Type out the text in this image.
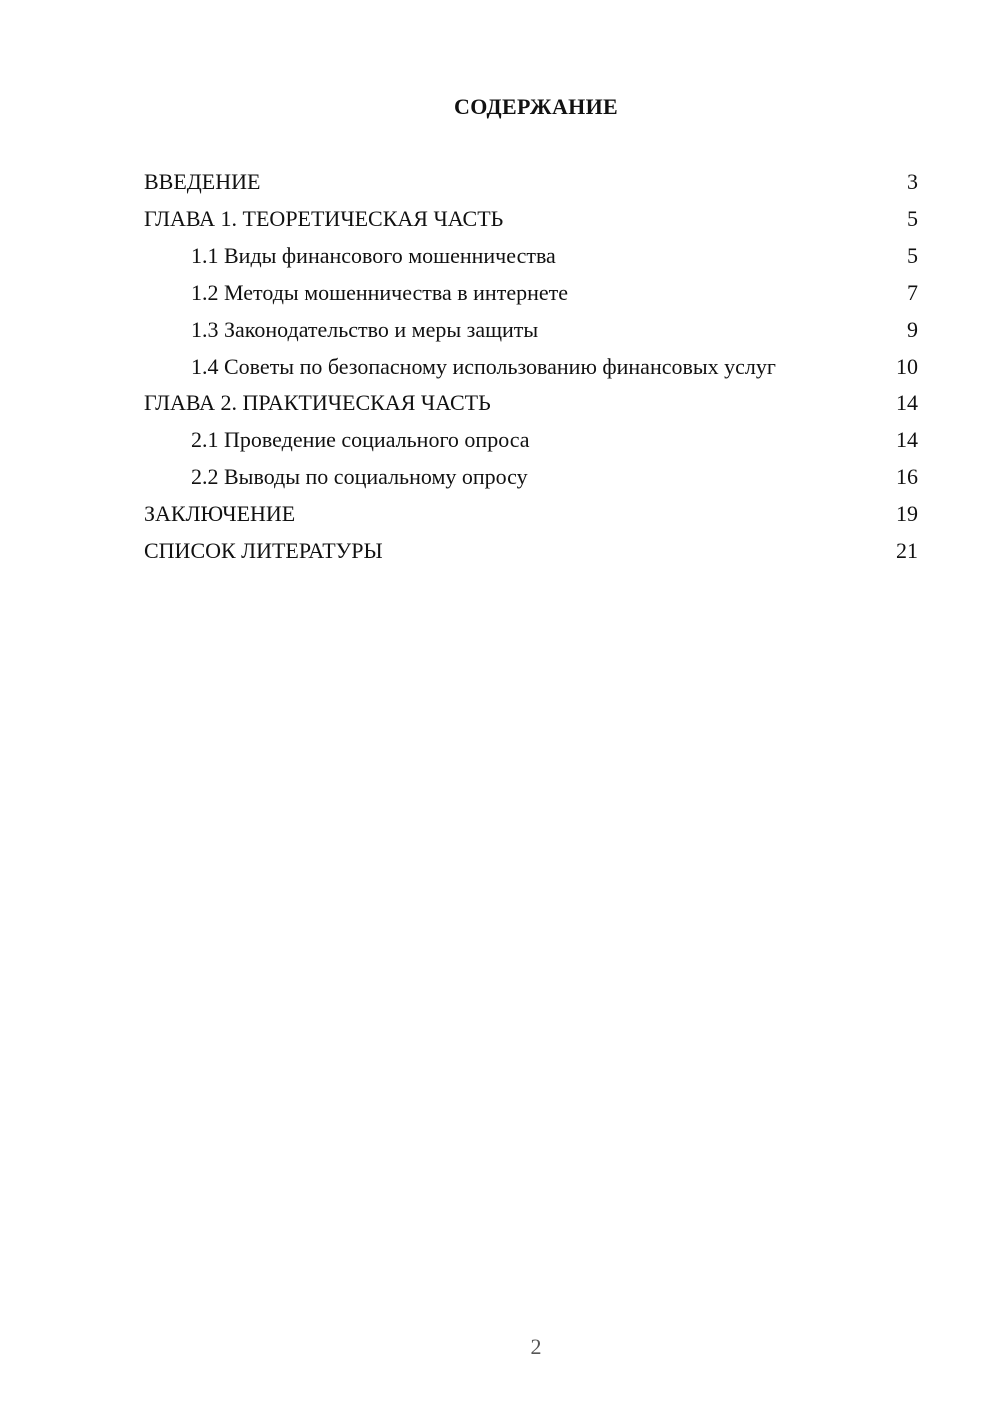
СОДЕРЖАНИЕ
ВВЕДЕНИЕ	3
ГЛАВА 1. ТЕОРЕТИЧЕСКАЯ ЧАСТЬ	5
1.1 Виды финансового мошенничества	5
1.2 Методы мошенничества в интернете	7
1.3 Законодательство и меры защиты	9
1.4 Советы по безопасному использованию финансовых услуг	10
ГЛАВА 2. ПРАКТИЧЕСКАЯ ЧАСТЬ	14
2.1 Проведение социального опроса	14
2.2 Выводы по социальному опросу	16
ЗАКЛЮЧЕНИЕ	19
СПИСОК ЛИТЕРАТУРЫ	21
2
